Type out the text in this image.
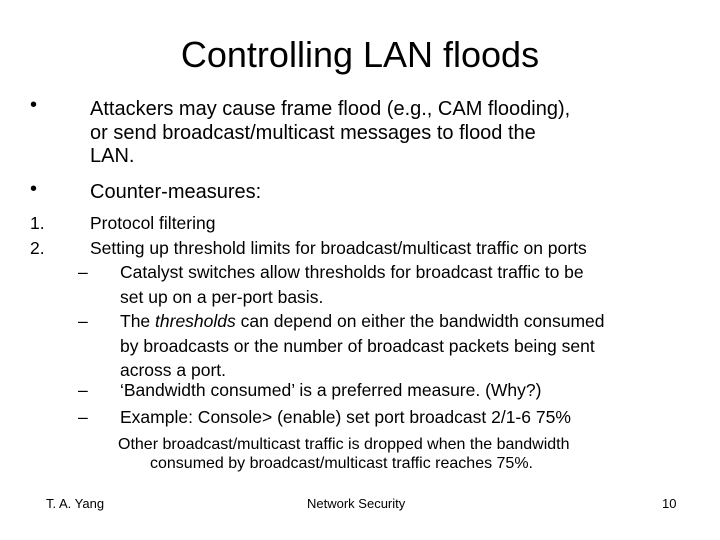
Controlling LAN floods
•	Attackers may cause frame flood (e.g., CAM flooding),
or send broadcast/multicast messages to flood the
LAN.
•	Counter-measures:
1.	Protocol filtering
2.	Setting up threshold limits for broadcast/multicast traffic on ports
– Catalyst switches allow thresholds for broadcast traffic to be
set up on a per-port basis.
– The thresholds can depend on either the bandwidth consumed
by broadcasts or the number of broadcast packets being sent
across a port.
– ‘Bandwidth consumed’ is a preferred measure. (Why?)
– Example: Console> (enable) set port broadcast 2/1-6 75%
Other broadcast/multicast traffic is dropped when the bandwidth
consumed by broadcast/multicast traffic reaches 75%.
T. A. Yang	Network Security	10
